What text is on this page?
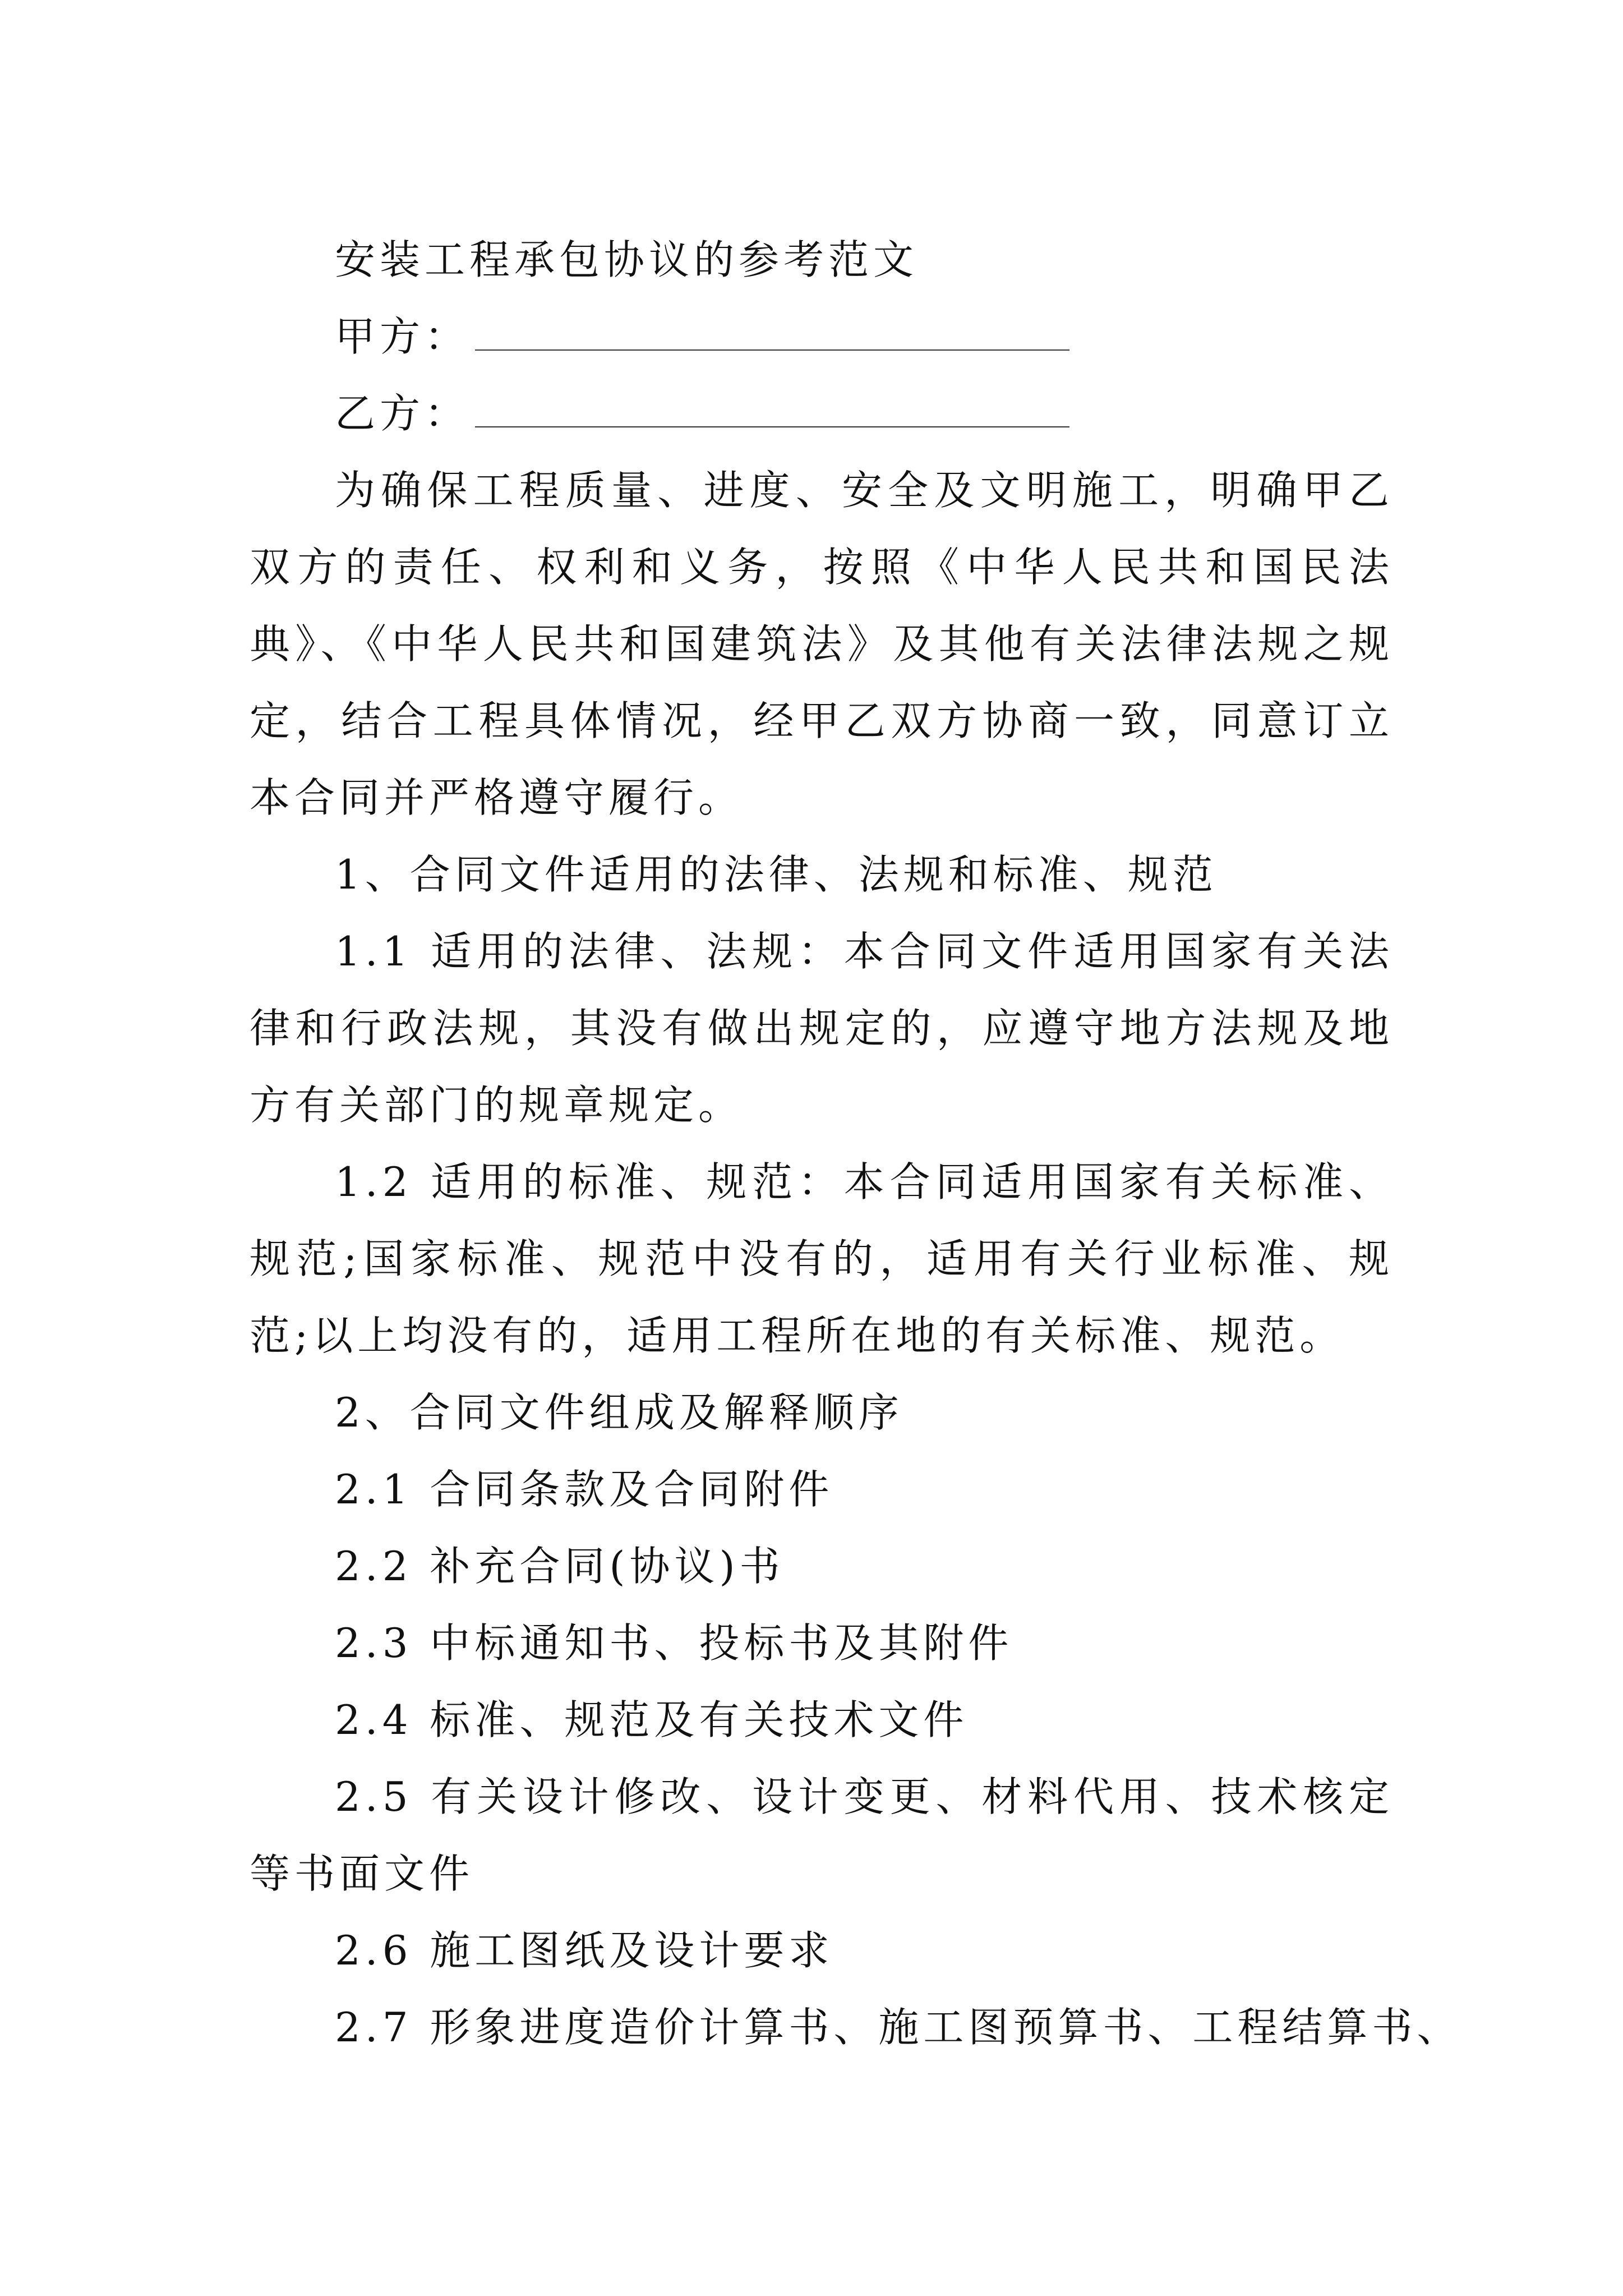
安装工程承包协议的参考范文
甲方：
乙方：
为确保工程质量、进度、安全及文明施工，明确甲乙双方的责任、权利和义务，按照《中华人民共和国民法典》、《中华人民共和国建筑法》及其他有关法律法规之规定，结合工程具体情况，经甲乙双方协商一致，同意订立本合同并严格遵守履行。
1、合同文件适用的法律、法规和标准、规范
1.1 适用的法律、法规：本合同文件适用国家有关法律和行政法规，其没有做出规定的，应遵守地方法规及地方有关部门的规章规定。
1.2 适用的标准、规范：本合同适用国家有关标准、规范;国家标准、规范中没有的，适用有关行业标准、规范;以上均没有的，适用工程所在地的有关标准、规范。
2、合同文件组成及解释顺序
2.1 合同条款及合同附件
2.2 补充合同(协议)书
2.3 中标通知书、投标书及其附件
2.4 标准、规范及有关技术文件
2.5 有关设计修改、设计变更、材料代用、技术核定等书面文件
2.6 施工图纸及设计要求
2.7 形象进度造价计算书、施工图预算书、工程结算书、
